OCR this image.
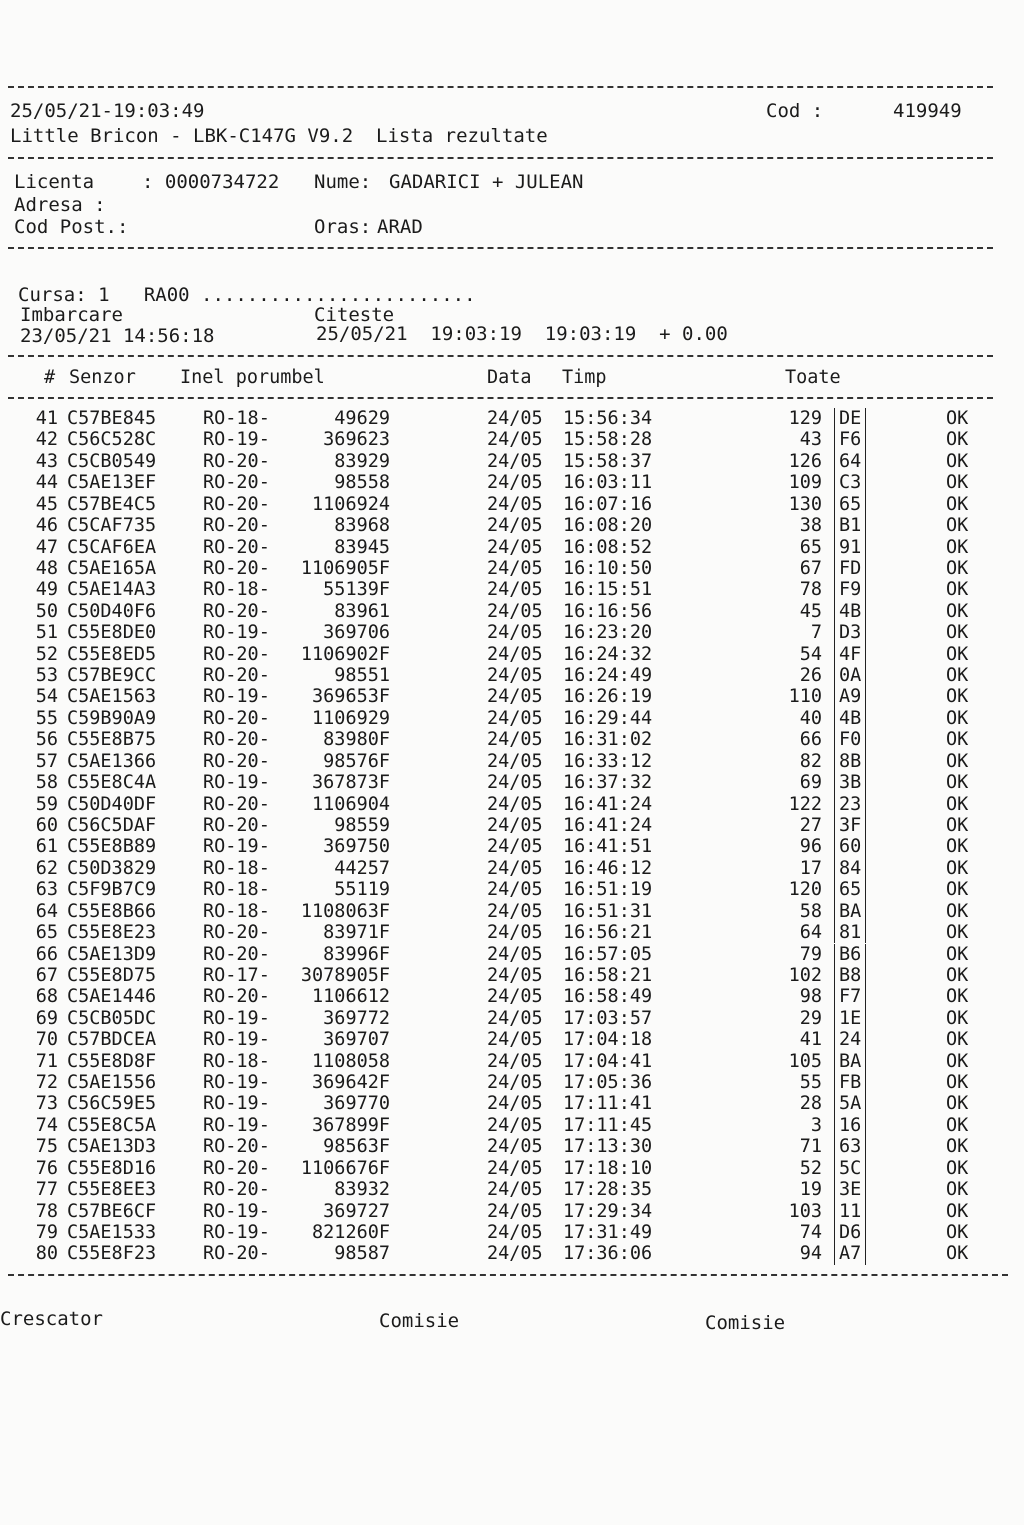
25/05/21-19:03:49	Cod :	419949
Little Bricon - LBK-C147G V9.2  Lista rezultate
Licenta	: 0000734722 Nume: GADARICI + JULEAN
Adresa :
Cod Post.:	Oras: ARAD
Cursa: 1   RA00 ........................
Imbarcare	Citeste
23/05/21 14:56:18	25/05/21  19:03:19  19:03:19  + 0.00
# Senzor Inel porumbel	Data Timp	Toate
41 C57BE845	RO-18-	49629	24/05 15:56:34	129 DE	OK
42 C56C528C	RO-19-	369623	24/05 15:58:28	43 F6	OK
43 C5CB0549	RO-20-	83929	24/05 15:58:37	126 64	OK
44 C5AE13EF	RO-20-	98558	24/05 16:03:11	109 C3	OK
45 C57BE4C5	RO-20-	1106924	24/05 16:07:16	130 65	OK
46 C5CAF735	RO-20-	83968	24/05 16:08:20	38 B1	OK
47 C5CAF6EA	RO-20-	83945	24/05 16:08:52	65 91	OK
48 C5AE165A	RO-20-	1106905F	24/05 16:10:50	67 FD	OK
49 C5AE14A3	RO-18-	55139F	24/05 16:15:51	78 F9	OK
50 C50D40F6	RO-20-	83961	24/05 16:16:56	45 4B	OK
51 C55E8DE0	RO-19-	369706	24/05 16:23:20	7 D3	OK
52 C55E8ED5	RO-20-	1106902F	24/05 16:24:32	54 4F	OK
53 C57BE9CC	RO-20-	98551	24/05 16:24:49	26 0A	OK
54 C5AE1563	RO-19-	369653F	24/05 16:26:19	110 A9	OK
55 C59B90A9	RO-20-	1106929	24/05 16:29:44	40 4B	OK
56 C55E8B75	RO-20-	83980F	24/05 16:31:02	66 F0	OK
57 C5AE1366	RO-20-	98576F	24/05 16:33:12	82 8B	OK
58 C55E8C4A	RO-19-	367873F	24/05 16:37:32	69 3B	OK
59 C50D40DF	RO-20-	1106904	24/05 16:41:24	122 23	OK
60 C56C5DAF	RO-20-	98559	24/05 16:41:24	27 3F	OK
61 C55E8B89	RO-19-	369750	24/05 16:41:51	96 60	OK
62 C50D3829	RO-18-	44257	24/05 16:46:12	17 84	OK
63 C5F9B7C9	RO-18-	55119	24/05 16:51:19	120 65	OK
64 C55E8B66	RO-18-	1108063F	24/05 16:51:31	58 BA	OK
65 C55E8E23	RO-20-	83971F	24/05 16:56:21	64 81	OK
66 C5AE13D9	RO-20-	83996F	24/05 16:57:05	79 B6	OK
67 C55E8D75	RO-17-	3078905F	24/05 16:58:21	102 B8	OK
68 C5AE1446	RO-20-	1106612	24/05 16:58:49	98 F7	OK
69 C5CB05DC	RO-19-	369772	24/05 17:03:57	29 1E	OK
70 C57BDCEA	RO-19-	369707	24/05 17:04:18	41 24	OK
71 C55E8D8F	RO-18-	1108058	24/05 17:04:41	105 BA	OK
72 C5AE1556	RO-19-	369642F	24/05 17:05:36	55 FB	OK
73 C56C59E5	RO-19-	369770	24/05 17:11:41	28 5A	OK
74 C55E8C5A	RO-19-	367899F	24/05 17:11:45	3 16	OK
75 C5AE13D3	RO-20-	98563F	24/05 17:13:30	71 63	OK
76 C55E8D16	RO-20-	1106676F	24/05 17:18:10	52 5C	OK
77 C55E8EE3	RO-20-	83932	24/05 17:28:35	19 3E	OK
78 C57BE6CF	RO-19-	369727	24/05 17:29:34	103 11	OK
79 C5AE1533	RO-19-	821260F	24/05 17:31:49	74 D6	OK
80 C55E8F23	RO-20-	98587	24/05 17:36:06	94 A7	OK
Crescator	Comisie	Comisie
